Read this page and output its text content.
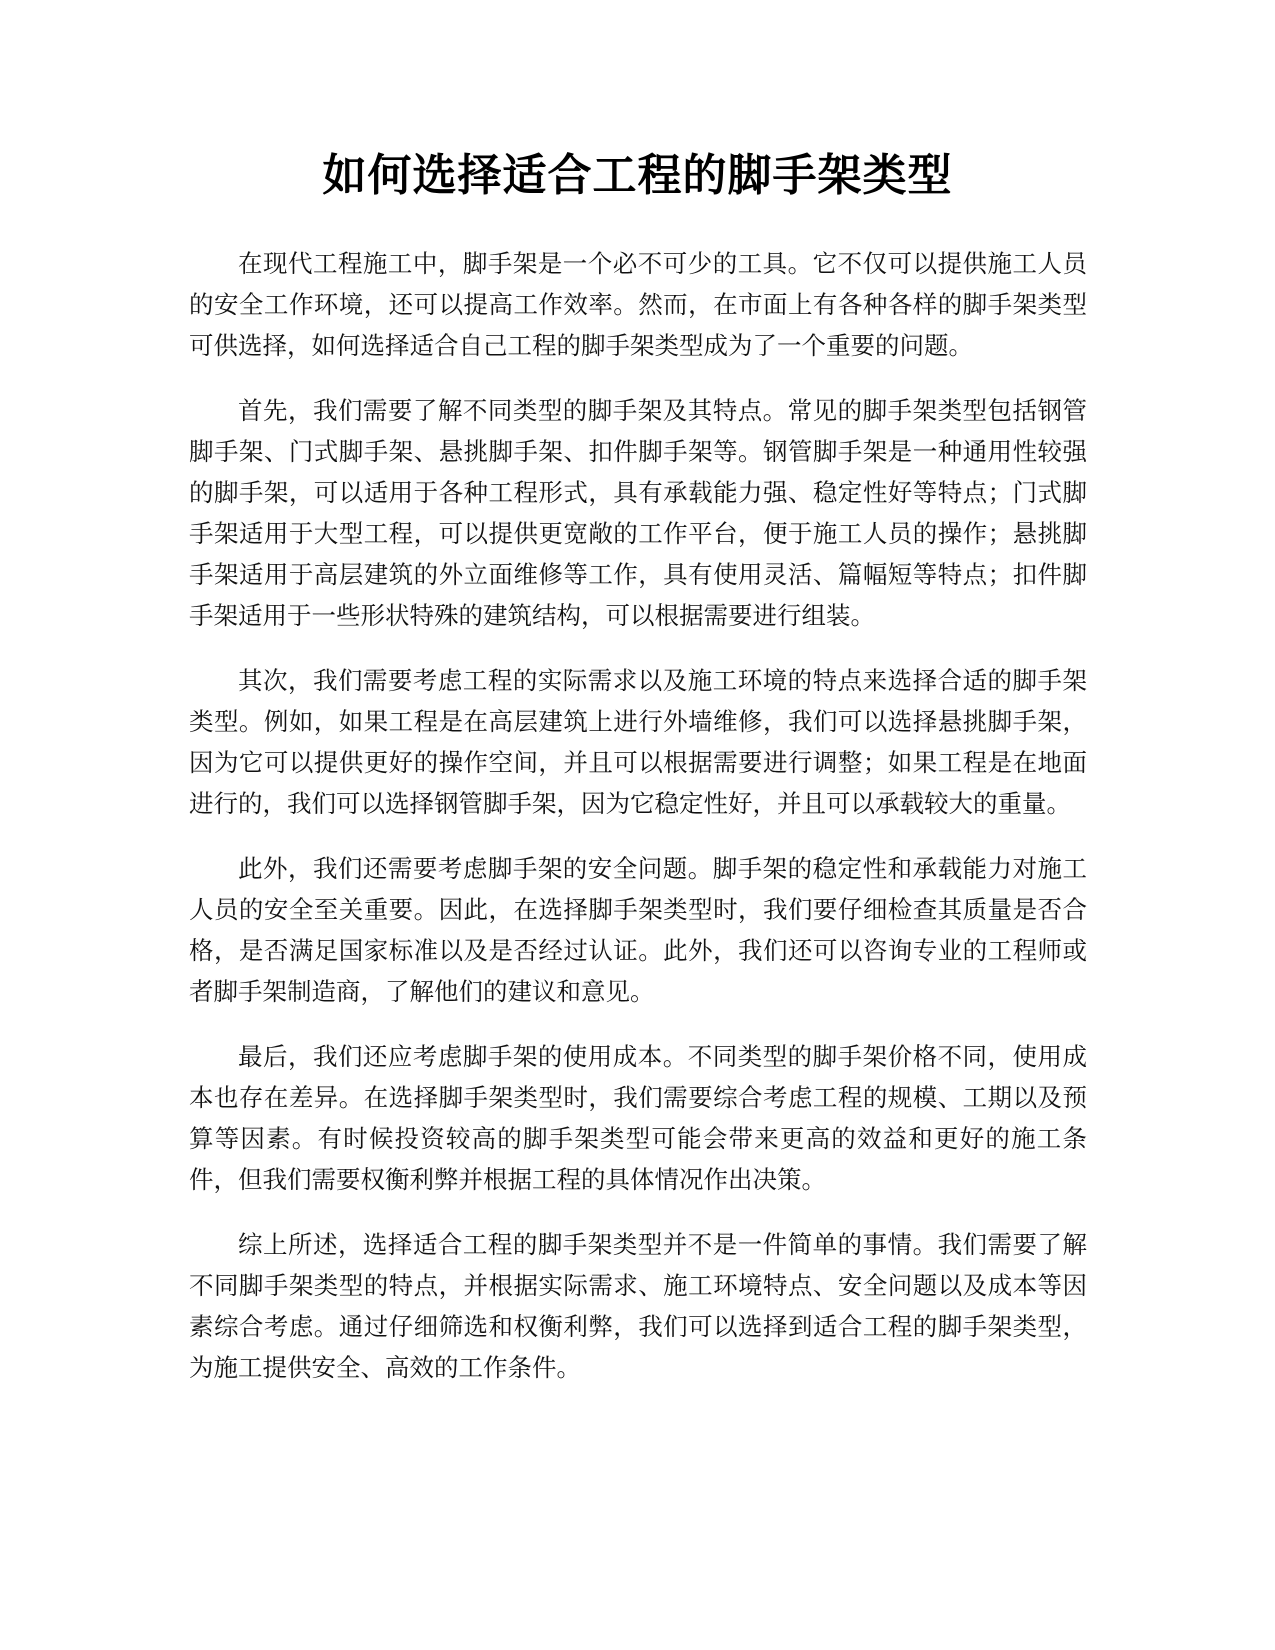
如何选择适合工程的脚手架类型

在现代工程施工中，脚手架是一个必不可少的工具。它不仅可以提供施工人员的安全工作环境，还可以提高工作效率。然而，在市面上有各种各样的脚手架类型可供选择，如何选择适合自己工程的脚手架类型成为了一个重要的问题。

首先，我们需要了解不同类型的脚手架及其特点。常见的脚手架类型包括钢管脚手架、门式脚手架、悬挑脚手架、扣件脚手架等。钢管脚手架是一种通用性较强的脚手架，可以适用于各种工程形式，具有承载能力强、稳定性好等特点；门式脚手架适用于大型工程，可以提供更宽敞的工作平台，便于施工人员的操作；悬挑脚手架适用于高层建筑的外立面维修等工作，具有使用灵活、篇幅短等特点；扣件脚手架适用于一些形状特殊的建筑结构，可以根据需要进行组装。

其次，我们需要考虑工程的实际需求以及施工环境的特点来选择合适的脚手架类型。例如，如果工程是在高层建筑上进行外墙维修，我们可以选择悬挑脚手架，因为它可以提供更好的操作空间，并且可以根据需要进行调整；如果工程是在地面进行的，我们可以选择钢管脚手架，因为它稳定性好，并且可以承载较大的重量。

此外，我们还需要考虑脚手架的安全问题。脚手架的稳定性和承载能力对施工人员的安全至关重要。因此，在选择脚手架类型时，我们要仔细检查其质量是否合格，是否满足国家标准以及是否经过认证。此外，我们还可以咨询专业的工程师或者脚手架制造商，了解他们的建议和意见。

最后，我们还应考虑脚手架的使用成本。不同类型的脚手架价格不同，使用成本也存在差异。在选择脚手架类型时，我们需要综合考虑工程的规模、工期以及预算等因素。有时候投资较高的脚手架类型可能会带来更高的效益和更好的施工条件，但我们需要权衡利弊并根据工程的具体情况作出决策。

综上所述，选择适合工程的脚手架类型并不是一件简单的事情。我们需要了解不同脚手架类型的特点，并根据实际需求、施工环境特点、安全问题以及成本等因素综合考虑。通过仔细筛选和权衡利弊，我们可以选择到适合工程的脚手架类型，为施工提供安全、高效的工作条件。
